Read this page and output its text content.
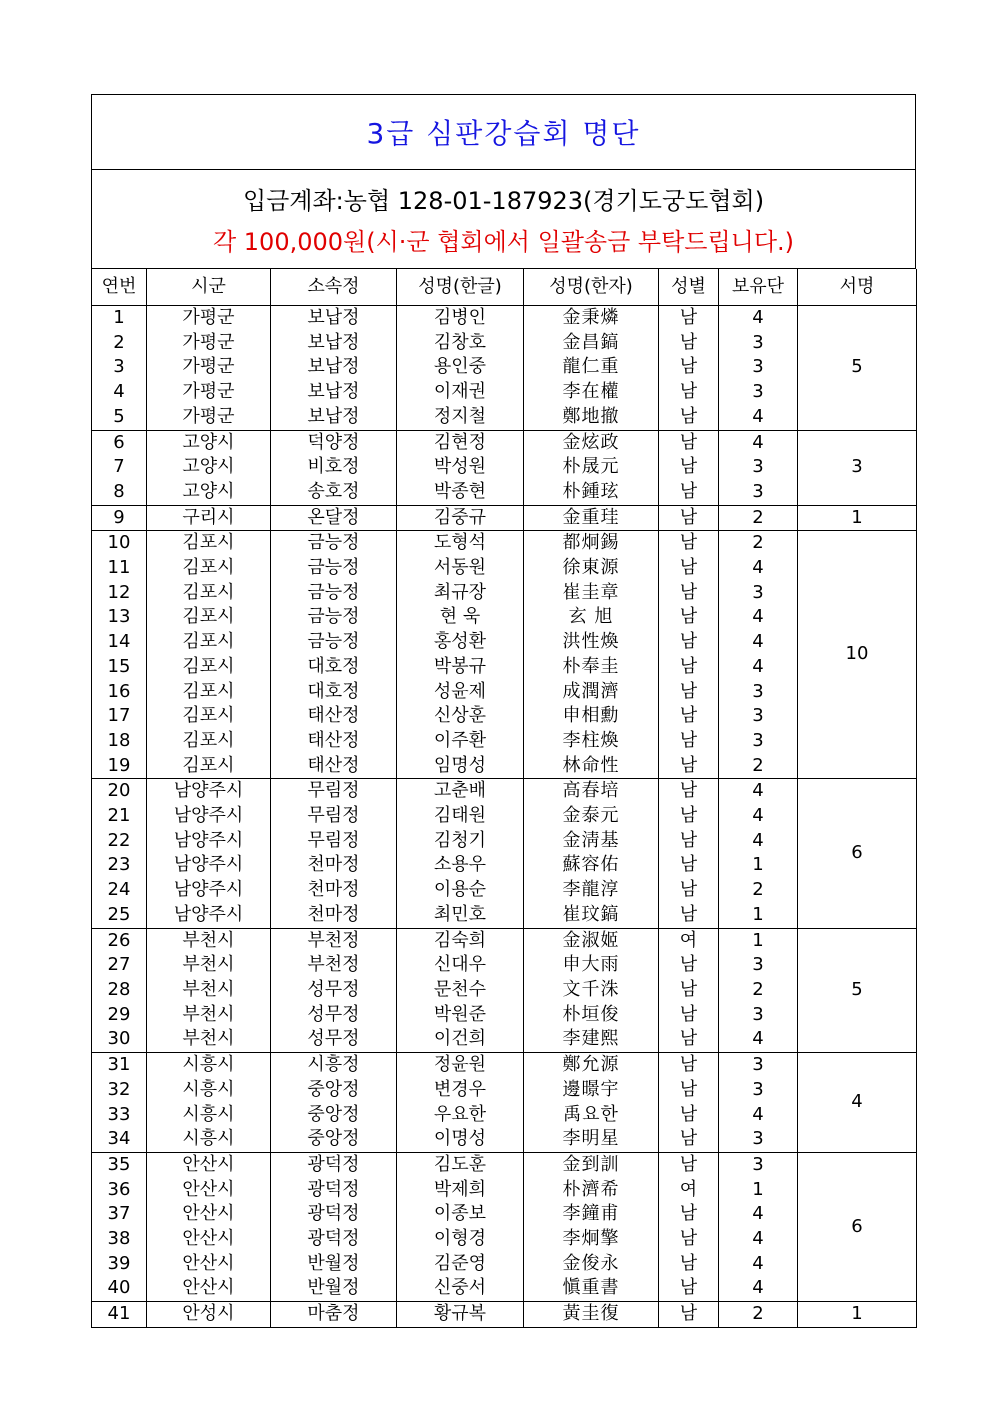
3급 심판강습회 명단
입금계좌:농협 128-01-187923(경기도궁도협회)
각 100,000원(시·군 협회에서 일괄송금 부탁드립니다.)
연번	시군	소속정	성명(한글)	성명(한자)	성별	보유단	서명
1	가평군	보납정	김병인	金秉燐	남	4	5
2	가평군	보납정	김창호	金昌鎬	남	3	
3	가평군	보납정	용인중	龍仁重	남	3	
4	가평군	보납정	이재권	李在權	남	3	
5	가평군	보납정	정지철	鄭地撤	남	4	
6	고양시	덕양정	김현정	金炫政	남	4	3
7	고양시	비호정	박성원	朴晟元	남	3	
8	고양시	송호정	박종현	朴鍾玹	남	3	
9	구리시	온달정	김중규	金重珪	남	2	1
10	김포시	금능정	도형석	都炯錫	남	2	10
11	김포시	금능정	서동원	徐東源	남	4	
12	김포시	금능정	최규장	崔圭章	남	3	
13	김포시	금능정	현 욱	玄 旭	남	4	
14	김포시	금능정	홍성환	洪性煥	남	4	
15	김포시	대호정	박봉규	朴奉圭	남	4	
16	김포시	대호정	성윤제	成潤濟	남	3	
17	김포시	태산정	신상훈	申相勳	남	3	
18	김포시	태산정	이주환	李柱煥	남	3	
19	김포시	태산정	임명성	林命性	남	2	
20	남양주시	무림정	고춘배	高春培	남	4	6
21	남양주시	무림정	김태원	金泰元	남	4	
22	남양주시	무림정	김청기	金淸基	남	4	
23	남양주시	천마정	소용우	蘇容佑	남	1	
24	남양주시	천마정	이용순	李龍淳	남	2	
25	남양주시	천마정	최민호	崔玟鎬	남	1	
26	부천시	부천정	김숙희	金淑姬	여	1	5
27	부천시	부천정	신대우	申大雨	남	3	
28	부천시	성무정	문천수	文千洙	남	2	
29	부천시	성무정	박원준	朴垣俊	남	3	
30	부천시	성무정	이건희	李建熙	남	4	
31	시흥시	시흥정	정윤원	鄭允源	남	3	4
32	시흥시	중앙정	변경우	邊暻宇	남	3	
33	시흥시	중앙정	우요한	禹요한	남	4	
34	시흥시	중앙정	이명성	李明星	남	3	
35	안산시	광덕정	김도훈	金到訓	남	3	6
36	안산시	광덕정	박제희	朴濟希	여	1	
37	안산시	광덕정	이종보	李鐘甫	남	4	
38	안산시	광덕정	이형경	李炯擎	남	4	
39	안산시	반월정	김준영	金俊永	남	4	
40	안산시	반월정	신중서	愼重書	남	4	
41	안성시	마춤정	황규복	黃圭復	남	2	1
